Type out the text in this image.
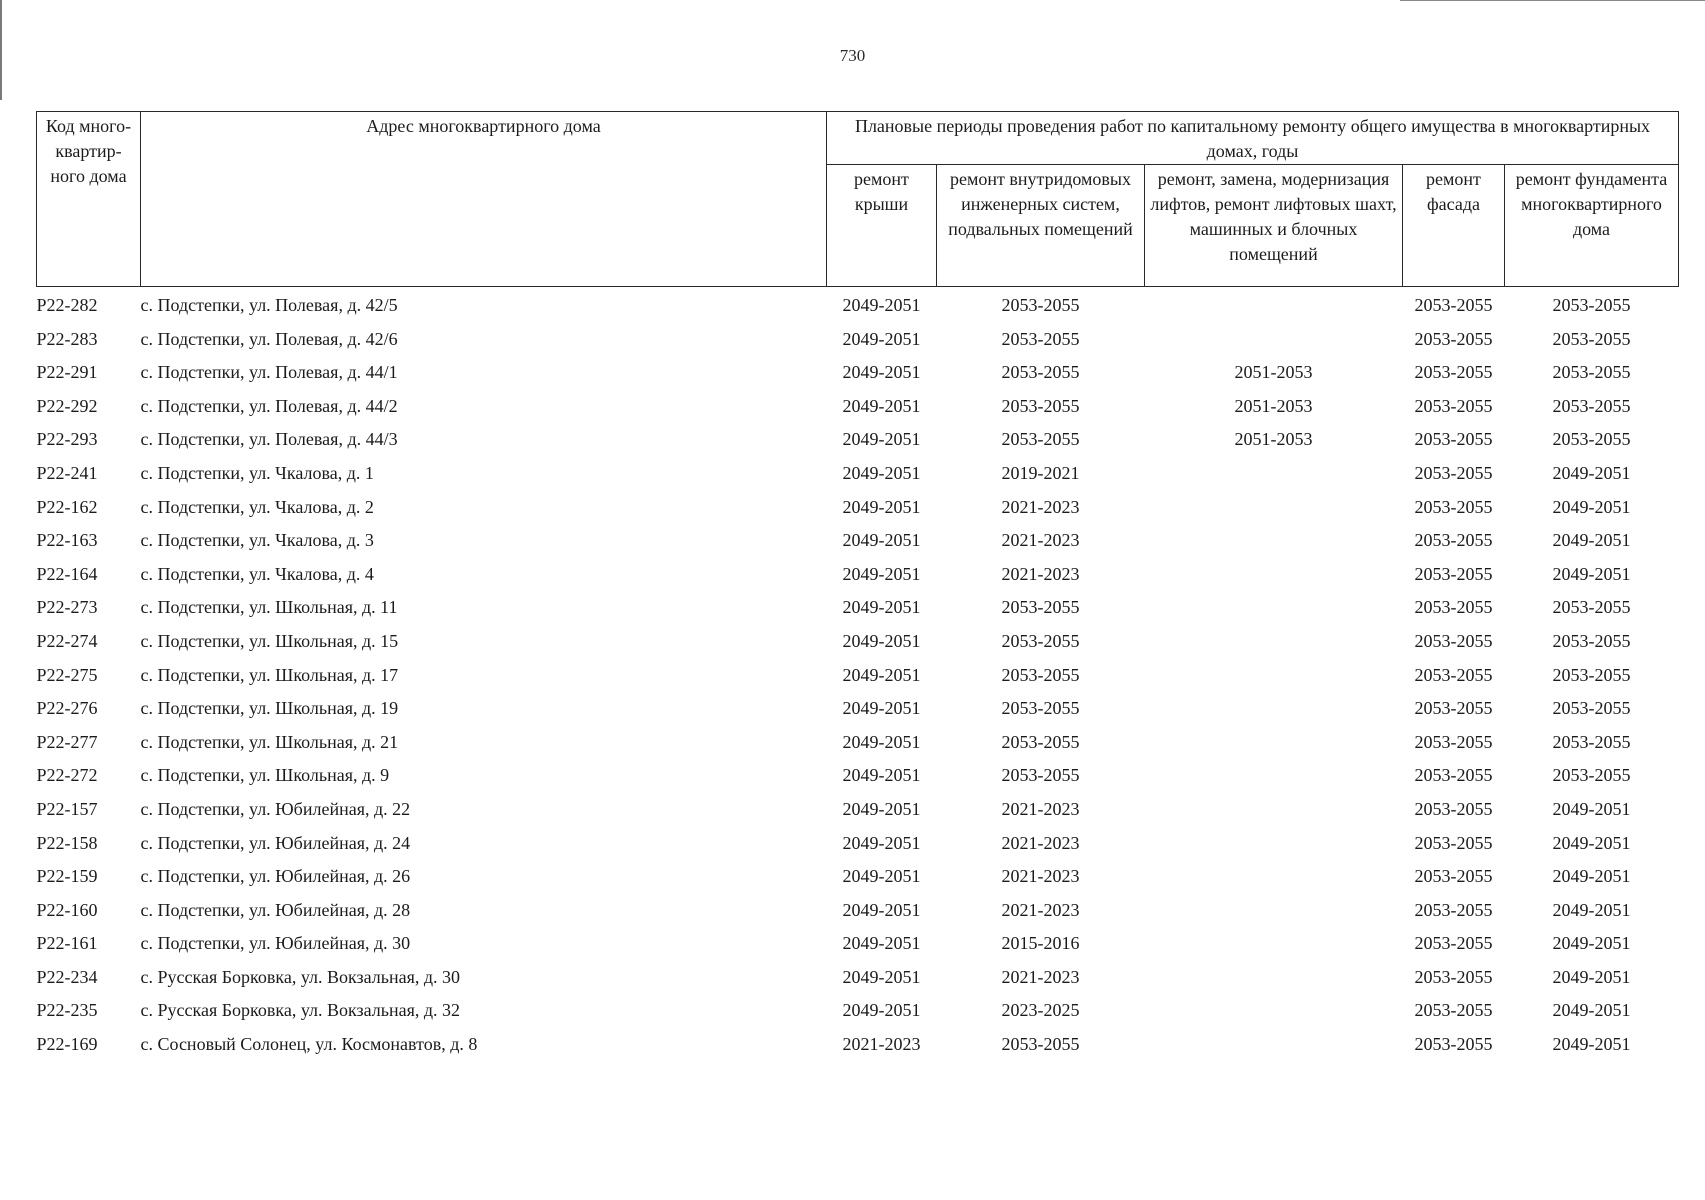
730
Код много-квартир-ного дома	Адрес многоквартирного дома	Плановые периоды проведения работ по капитальному ремонту общего имущества в многоквартирных домах, годы				
		ремонт крыши	ремонт внутридомовых инженерных систем, подвальных помещений	ремонт, замена, модернизация лифтов, ремонт лифтовых шахт, машинных и блочных помещений	ремонт фасада	ремонт фундамента многоквартирного дома
Р22-282	с. Подстепки, ул. Полевая, д. 42/5	2049-2051	2053-2055		2053-2055	2053-2055
Р22-283	с. Подстепки, ул. Полевая, д. 42/6	2049-2051	2053-2055		2053-2055	2053-2055
Р22-291	с. Подстепки, ул. Полевая, д. 44/1	2049-2051	2053-2055	2051-2053	2053-2055	2053-2055
Р22-292	с. Подстепки, ул. Полевая, д. 44/2	2049-2051	2053-2055	2051-2053	2053-2055	2053-2055
Р22-293	с. Подстепки, ул. Полевая, д. 44/3	2049-2051	2053-2055	2051-2053	2053-2055	2053-2055
Р22-241	с. Подстепки, ул. Чкалова, д. 1	2049-2051	2019-2021		2053-2055	2049-2051
Р22-162	с. Подстепки, ул. Чкалова, д. 2	2049-2051	2021-2023		2053-2055	2049-2051
Р22-163	с. Подстепки, ул. Чкалова, д. 3	2049-2051	2021-2023		2053-2055	2049-2051
Р22-164	с. Подстепки, ул. Чкалова, д. 4	2049-2051	2021-2023		2053-2055	2049-2051
Р22-273	с. Подстепки, ул. Школьная, д. 11	2049-2051	2053-2055		2053-2055	2053-2055
Р22-274	с. Подстепки, ул. Школьная, д. 15	2049-2051	2053-2055		2053-2055	2053-2055
Р22-275	с. Подстепки, ул. Школьная, д. 17	2049-2051	2053-2055		2053-2055	2053-2055
Р22-276	с. Подстепки, ул. Школьная, д. 19	2049-2051	2053-2055		2053-2055	2053-2055
Р22-277	с. Подстепки, ул. Школьная, д. 21	2049-2051	2053-2055		2053-2055	2053-2055
Р22-272	с. Подстепки, ул. Школьная, д. 9	2049-2051	2053-2055		2053-2055	2053-2055
Р22-157	с. Подстепки, ул. Юбилейная, д. 22	2049-2051	2021-2023		2053-2055	2049-2051
Р22-158	с. Подстепки, ул. Юбилейная, д. 24	2049-2051	2021-2023		2053-2055	2049-2051
Р22-159	с. Подстепки, ул. Юбилейная, д. 26	2049-2051	2021-2023		2053-2055	2049-2051
Р22-160	с. Подстепки, ул. Юбилейная, д. 28	2049-2051	2021-2023		2053-2055	2049-2051
Р22-161	с. Подстепки, ул. Юбилейная, д. 30	2049-2051	2015-2016		2053-2055	2049-2051
Р22-234	с. Русская Борковка, ул. Вокзальная, д. 30	2049-2051	2021-2023		2053-2055	2049-2051
Р22-235	с. Русская Борковка, ул. Вокзальная, д. 32	2049-2051	2023-2025		2053-2055	2049-2051
Р22-169	с. Сосновый Солонец, ул. Космонавтов, д. 8	2021-2023	2053-2055		2053-2055	2049-2051
